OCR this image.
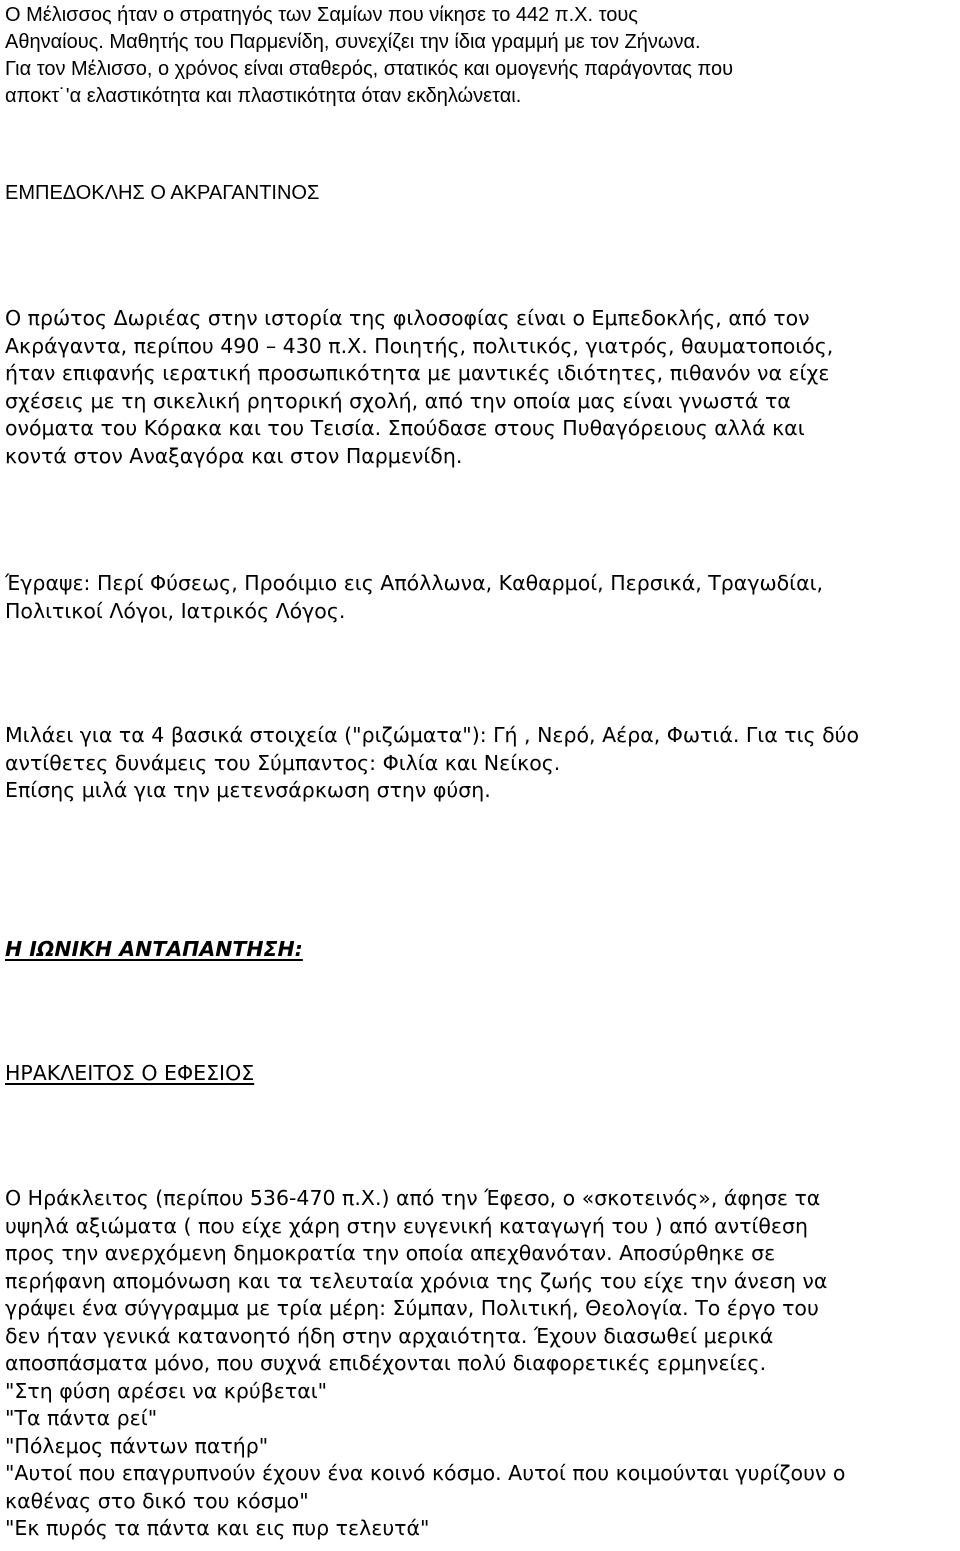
Ο Μέλισσος ήταν ο στρατηγός των Σαμίων που νίκησε το 442 π.Χ. τους
Αθηναίους. Μαθητής του Παρμενίδη, συνεχίζει την ίδια γραμμή με τον Ζήνωνα.
Για τον Μέλισσο, ο χρόνος είναι σταθερός, στατικός και ομογενής παράγοντας που
αποκτ˙'α ελαστικότητα και πλαστικότητα όταν εκδηλώνεται.
ΕΜΠΕΔΟΚΛΗΣ Ο ΑΚΡΑΓΑΝΤΙΝΟΣ
Ο πρώτος Δωριέας στην ιστορία της φιλοσοφίας είναι ο Εμπεδοκλής, από τον
Ακράγαντα, περίπου 490 – 430 π.Χ. Ποιητής, πολιτικός, γιατρός, θαυματοποιός,
ήταν επιφανής ιερατική προσωπικότητα με μαντικές ιδιότητες, πιθανόν να είχε
σχέσεις με τη σικελική ρητορική σχολή, από την οποία μας είναι γνωστά τα
ονόματα του Κόρακα και του Τεισία. Σπούδασε στους Πυθαγόρειους αλλά και
κοντά στον Αναξαγόρα και στον Παρμενίδη.
Έγραψε: Περί Φύσεως, Προόιμιο εις Απόλλωνα, Καθαρμοί, Περσικά, Τραγωδίαι,
Πολιτικοί Λόγοι, Ιατρικός Λόγος.
Μιλάει για τα 4 βασικά στοιχεία ("ριζώματα"): Γή , Νερό, Αέρα, Φωτιά. Για τις δύο
αντίθετες δυνάμεις του Σύμπαντος: Φιλία και Νείκος.
Επίσης μιλά για την μετενσάρκωση στην φύση.
Η ΙΩΝΙΚΗ ΑΝΤΑΠΑΝΤΗΣΗ:
ΗΡΑΚΛΕΙΤΟΣ Ο ΕΦΕΣΙΟΣ
Ο Ηράκλειτος (περίπου 536-470 π.Χ.) από την Έφεσο, ο «σκοτεινός», άφησε τα
υψηλά αξιώματα ( που είχε χάρη στην ευγενική καταγωγή του ) από αντίθεση
προς την ανερχόμενη δημοκρατία την οποία απεχθανόταν. Αποσύρθηκε σε
περήφανη απομόνωση και τα τελευταία χρόνια της ζωής του είχε την άνεση να
γράψει ένα σύγγραμμα με τρία μέρη: Σύμπαν, Πολιτική, Θεολογία. Το έργο του
δεν ήταν γενικά κατανοητό ήδη στην αρχαιότητα. Έχουν διασωθεί μερικά
αποσπάσματα μόνο, που συχνά επιδέχονται πολύ διαφορετικές ερμηνείες.
"Στη φύση αρέσει να κρύβεται"
"Τα πάντα ρεί"
"Πόλεμος πάντων πατήρ"
"Αυτοί που επαγρυπνούν έχουν ένα κοινό κόσμο. Αυτοί που κοιμούνται γυρίζουν ο
καθένας στο δικό του κόσμο"
"Εκ πυρός τα πάντα και εις πυρ τελευτά"
